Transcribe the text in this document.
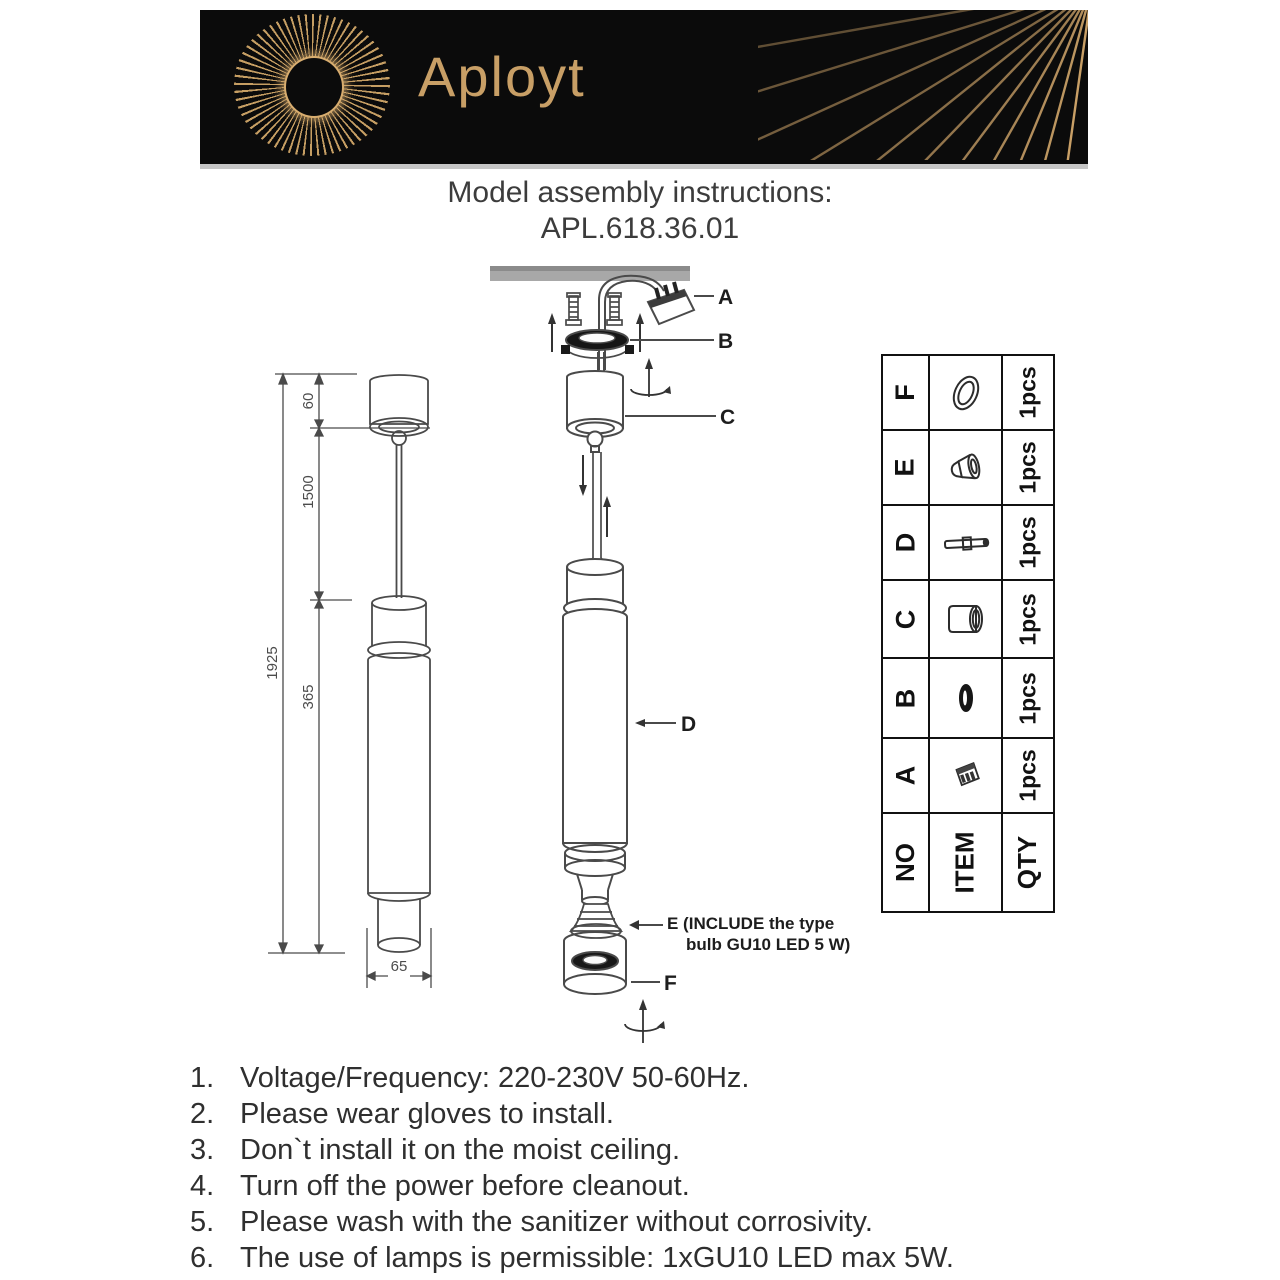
Aployt
Model assembly instructions:
APL.618.36.01
60
1500
365
1925
65
A
B
C
D
E (INCLUDE the type
bulb GU10 LED 5 W)
F
F	1pcs
E	1pcs
D	1pcs
C	1pcs
B	1pcs
A	1pcs
NO ITEM QTY
1. Voltage/Frequency: 220-230V 50-60Hz.
2. Please wear gloves to install.
3. Don`t install it on the moist ceiling.
4. Turn off the power before cleanout.
5. Please wash with the sanitizer without corrosivity.
6. The use of lamps is permissible: 1xGU10 LED max 5W.
